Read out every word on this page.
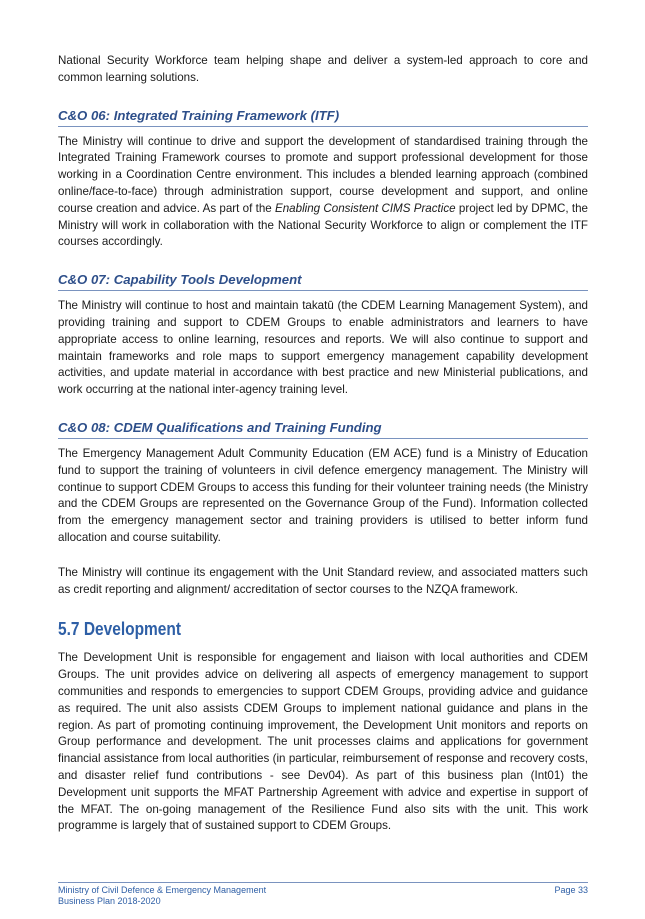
National Security Workforce team helping shape and deliver a system-led approach to core and common learning solutions.

C&O 06: Integrated Training Framework (ITF)

The Ministry will continue to drive and support the development of standardised training through the Integrated Training Framework courses to promote and support professional development for those working in a Coordination Centre environment. This includes a blended learning approach (combined online/face-to-face) through administration support, course development and support, and online course creation and advice. As part of the Enabling Consistent CIMS Practice project led by DPMC, the Ministry will work in collaboration with the National Security Workforce to align or complement the ITF courses accordingly.

C&O 07: Capability Tools Development

The Ministry will continue to host and maintain takatū (the CDEM Learning Management System), and providing training and support to CDEM Groups to enable administrators and learners to have appropriate access to online learning, resources and reports. We will also continue to support and maintain frameworks and role maps to support emergency management capability development activities, and update material in accordance with best practice and new Ministerial publications, and work occurring at the national inter-agency training level.

C&O 08: CDEM Qualifications and Training Funding

The Emergency Management Adult Community Education (EM ACE) fund is a Ministry of Education fund to support the training of volunteers in civil defence emergency management. The Ministry will continue to support CDEM Groups to access this funding for their volunteer training needs (the Ministry and the CDEM Groups are represented on the Governance Group of the Fund). Information collected from the emergency management sector and training providers is utilised to better inform fund allocation and course suitability.

The Ministry will continue its engagement with the Unit Standard review, and associated matters such as credit reporting and alignment/ accreditation of sector courses to the NZQA framework.

5.7 Development

The Development Unit is responsible for engagement and liaison with local authorities and CDEM Groups. The unit provides advice on delivering all aspects of emergency management to support communities and responds to emergencies to support CDEM Groups, providing advice and guidance as required. The unit also assists CDEM Groups to implement national guidance and plans in the region. As part of promoting continuing improvement, the Development Unit monitors and reports on Group performance and development. The unit processes claims and applications for government financial assistance from local authorities (in particular, reimbursement of response and recovery costs, and disaster relief fund contributions - see Dev04). As part of this business plan (Int01) the Development unit supports the MFAT Partnership Agreement with advice and expertise in support of the MFAT. The on-going management of the Resilience Fund also sits with the unit. This work programme is largely that of sustained support to CDEM Groups.

Ministry of Civil Defence & Emergency Management
Business Plan 2018-2020
Page 33
